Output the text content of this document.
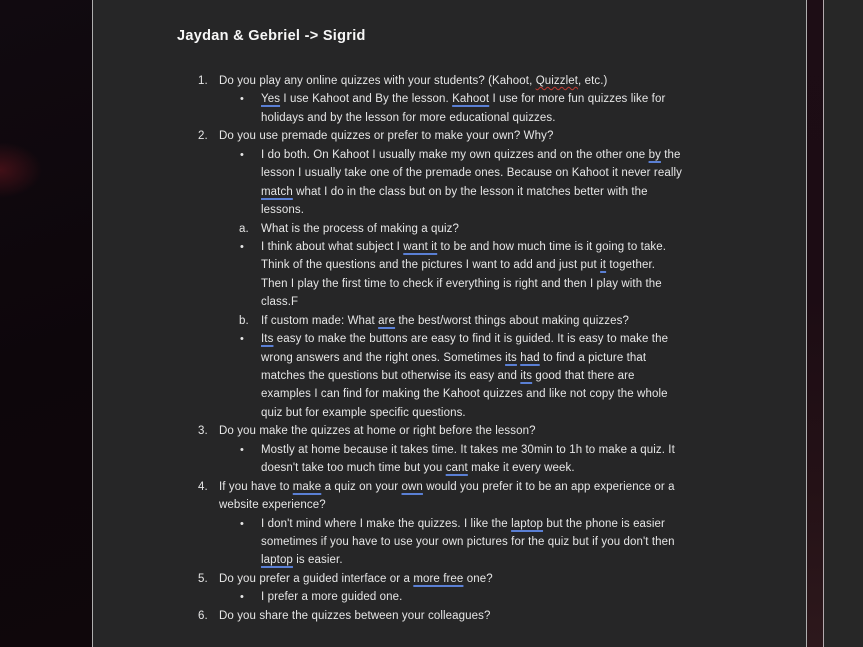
Jaydan & Gebriel -> Sigrid
1. Do you play any online quizzes with your students? (Kahoot, Quizzlet, etc.)
• Yes I use Kahoot and By the lesson. Kahoot I use for more fun quizzes like for
holidays and by the lesson for more educational quizzes.
2. Do you use premade quizzes or prefer to make your own? Why?
• I do both. On Kahoot I usually make my own quizzes and on the other one by the
lesson I usually take one of the premade ones. Because on Kahoot it never really
match what I do in the class but on by the lesson it matches better with the
lessons.
a. What is the process of making a quiz?
• I think about what subject I want it to be and how much time is it going to take.
Think of the questions and the pictures I want to add and just put it together.
Then I play the first time to check if everything is right and then I play with the
class.F
b. If custom made: What are the best/worst things about making quizzes?
• Its easy to make the buttons are easy to find it is guided. It is easy to make the
wrong answers and the right ones. Sometimes its had to find a picture that
matches the questions but otherwise its easy and its good that there are
examples I can find for making the Kahoot quizzes and like not copy the whole
quiz but for example specific questions.
3. Do you make the quizzes at home or right before the lesson?
• Mostly at home because it takes time. It takes me 30min to 1h to make a quiz. It
doesn't take too much time but you cant make it every week.
4. If you have to make a quiz on your own would you prefer it to be an app experience or a
website experience?
• I don't mind where I make the quizzes. I like the laptop but the phone is easier
sometimes if you have to use your own pictures for the quiz but if you don't then
laptop is easier.
5. Do you prefer a guided interface or a more free one?
• I prefer a more guided one.
6. Do you share the quizzes between your colleagues?
